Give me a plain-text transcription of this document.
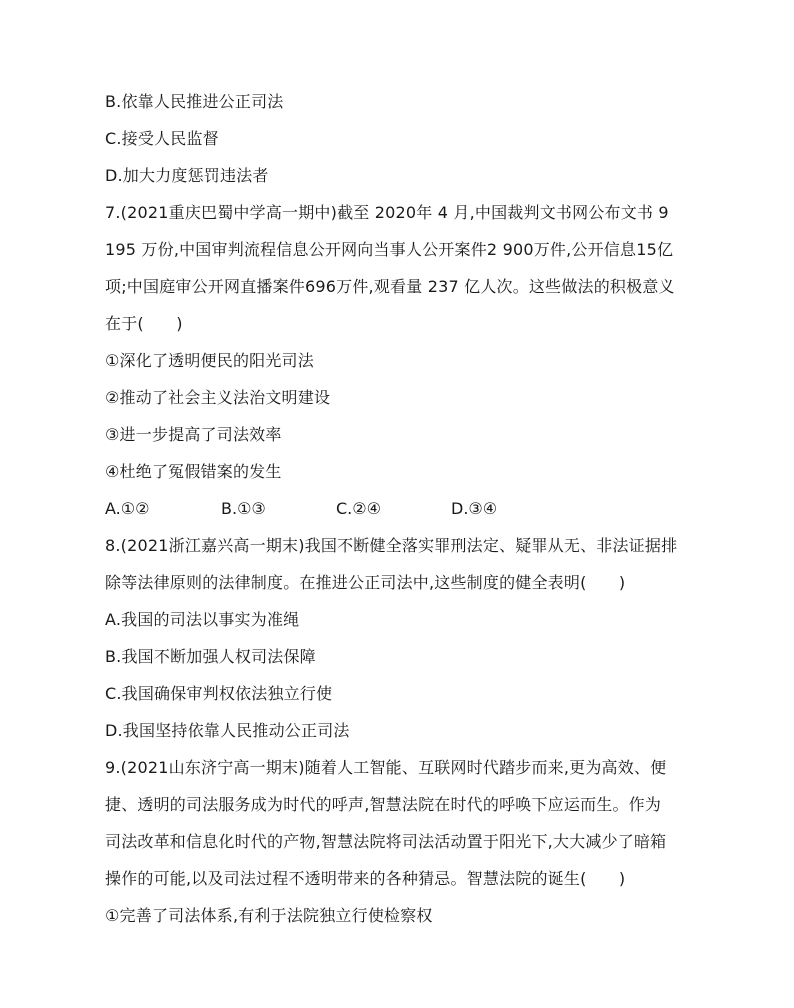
B.依靠人民推进公正司法
C.接受人民监督
D.加大力度惩罚违法者
7.(2021重庆巴蜀中学高一期中)截至 2020年 4 月,中国裁判文书网公布文书 9
195 万份,中国审判流程信息公开网向当事人公开案件2 900万件,公开信息15亿
项;中国庭审公开网直播案件696万件,观看量 237 亿人次。这些做法的积极意义
在于(　　)
①深化了透明便民的阳光司法
②推动了社会主义法治文明建设
③进一步提高了司法效率
④杜绝了冤假错案的发生
A.①②	B.①③	C.②④	D.③④
8.(2021浙江嘉兴高一期末)我国不断健全落实罪刑法定、疑罪从无、非法证据排
除等法律原则的法律制度。在推进公正司法中,这些制度的健全表明(　　)
A.我国的司法以事实为准绳
B.我国不断加强人权司法保障
C.我国确保审判权依法独立行使
D.我国坚持依靠人民推动公正司法
9.(2021山东济宁高一期末)随着人工智能、互联网时代踏步而来,更为高效、便
捷、透明的司法服务成为时代的呼声,智慧法院在时代的呼唤下应运而生。作为
司法改革和信息化时代的产物,智慧法院将司法活动置于阳光下,大大减少了暗箱
操作的可能,以及司法过程不透明带来的各种猜忌。智慧法院的诞生(　　)
①完善了司法体系,有利于法院独立行使检察权
